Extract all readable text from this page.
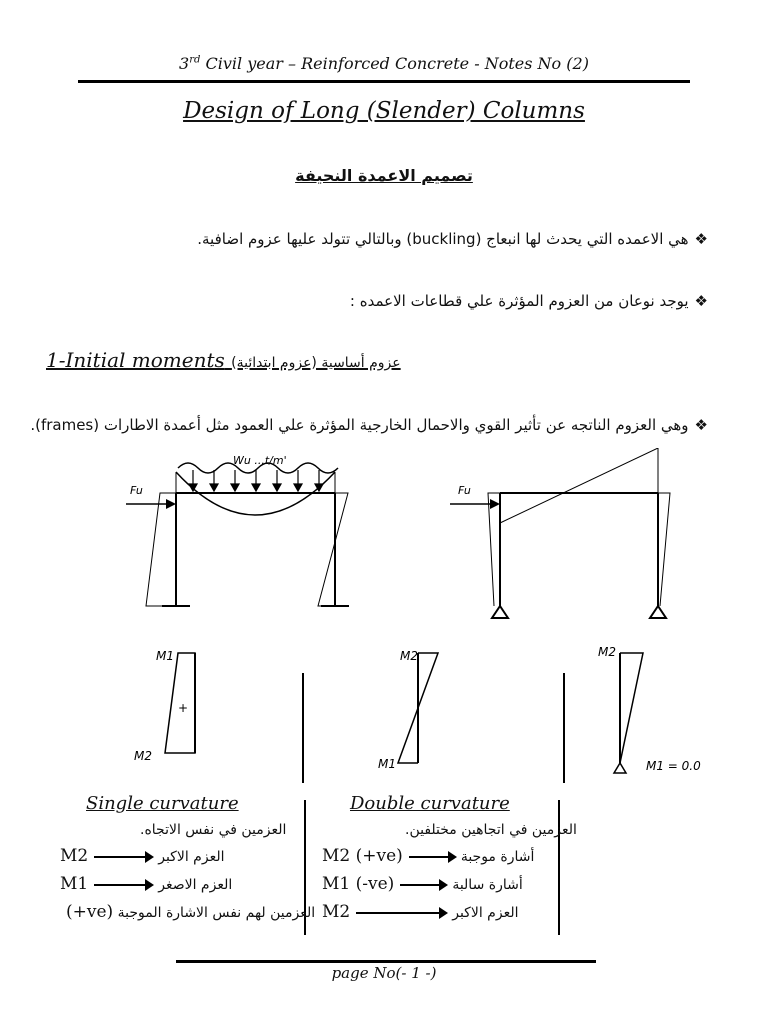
3rd Civil year – Reinforced Concrete - Notes No (2)
Design of Long (Slender) Columns
تصميم الاعمدة النحيفة
❖هي الاعمده التي يحدث لها انبعاج (buckling) وبالتالي تتولد عليها عزوم اضافية.
❖يوجد نوعان من العزوم المؤثرة علي قطاعات الاعمده :
1-Initial moments عزوم أساسية (عزوم ابتدائية)
❖وهي العزوم الناتجه عن تأثير القوي والاحمال الخارجية المؤثرة علي العمود مثل أعمدة الاطارات (frames).
Wu ...t/m'
Fu	Fu
M1
M2
+
M2
M1
M2
M1 = 0.0
Single curvature
العزمين في نفس الاتجاه.
M2	العزم الاكبر
M1	العزم الاصغر
(+ve) العزمين لهم نفس الاشارة الموجبة
Double curvature
العزمين في اتجاهين مختلفين.
M2 (+ve)	أشارة موجبة
M1 (-ve)	أشارة سالبة
M2	العزم الاكبر
page No(- 1 -)
